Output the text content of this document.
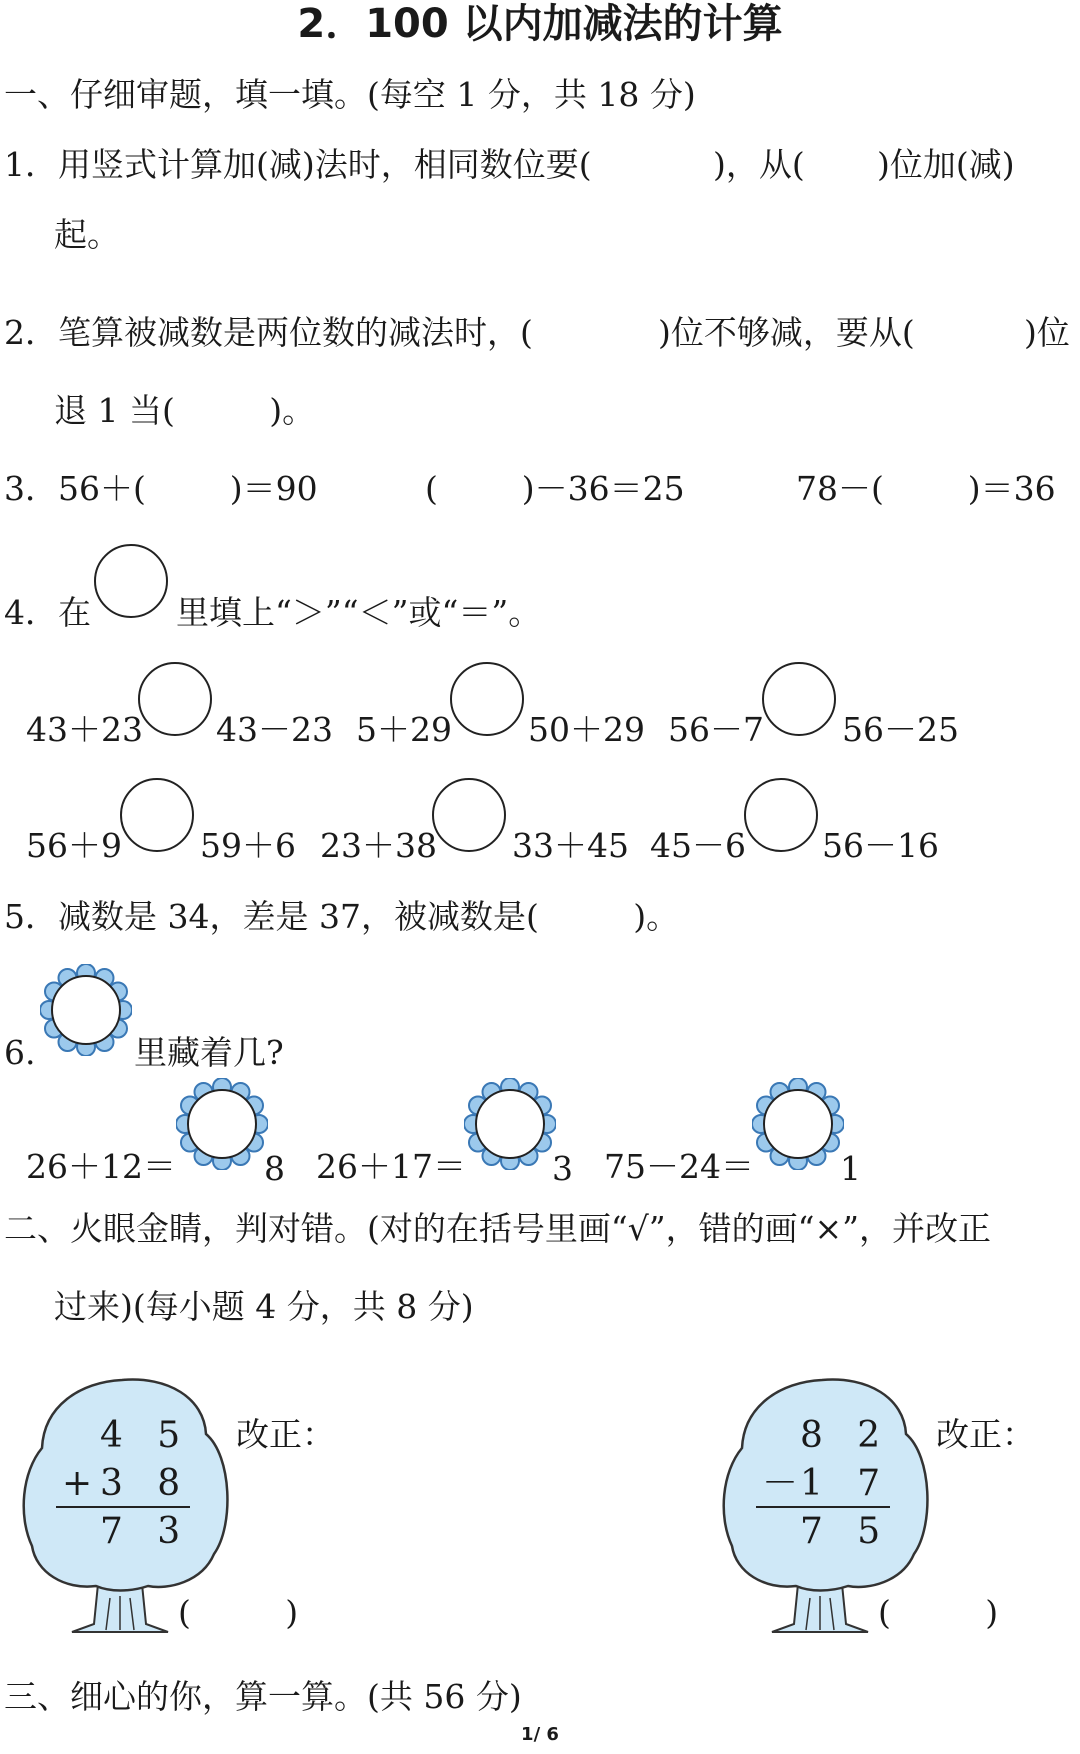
2．100 以内加减法的计算
一、仔细审题，填一填。(每空 1 分，共 18 分)
1．用竖式计算加(减)法时，相同数位要(	)，从( )位加(减)
起。
2．笔算被减数是两位数的减法时，(	)位不够减，要从(	)位
退 1 当(         )。
3．56＋(        )＝90	(        )－36＝25	78－(        )＝36
4．在	里填上“＞”“＜”或“＝”。
43＋23 43－23 5＋29 50＋29 56－7 56－25
56＋9 59＋6 23＋38 33＋45 45－6 56－16
5．减数是 34，差是 37，被减数是(         )。
6.	里藏着几?
26＋12＝	8 26＋17＝	3 75－24＝	1
二、火眼金睛，判对错。(对的在括号里画“√”，错的画“×”，并改正
过来)(每小题 4 分，共 8 分)
4   5
+ 3   8
7   3
改正：
(         )
8   2
－ 1   7
7   5
改正：
(         )
三、细心的你，算一算。(共 56 分)
1/ 6
